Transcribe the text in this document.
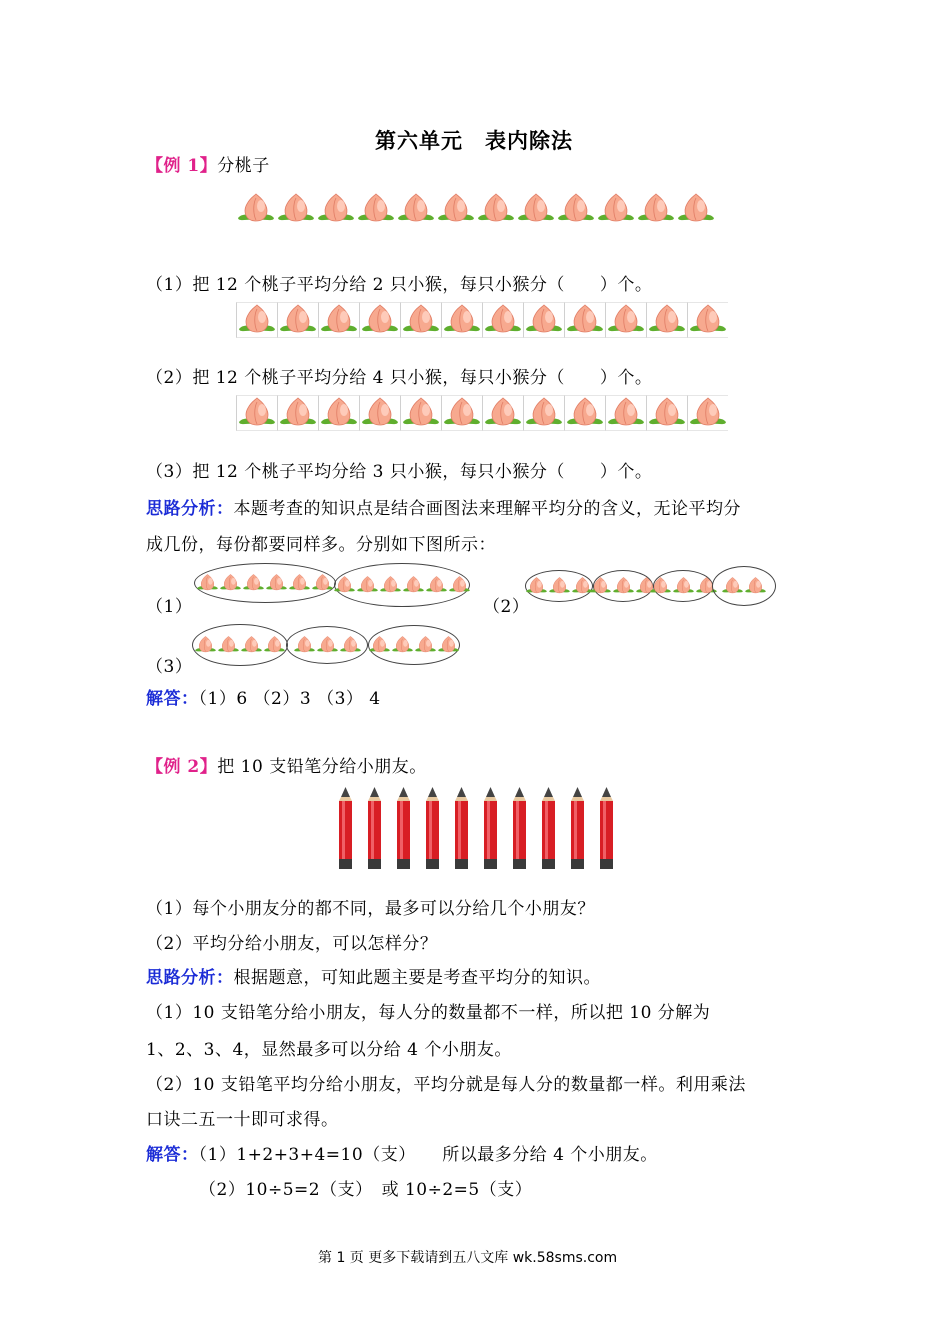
第六单元　表内除法
【例 1】分桃子
（1）把 12 个桃子平均分给 2 只小猴，每只小猴分（　　）个。
（2）把 12 个桃子平均分给 4 只小猴，每只小猴分（　　）个。
（3）把 12 个桃子平均分给 3 只小猴，每只小猴分（　　）个。
思路分析：本题考查的知识点是结合画图法来理解平均分的含义，无论平均分
成几份，每份都要同样多。分别如下图所示：
（1）	（2）
（3）
解答：（1）6 （2）3 （3） 4
【例 2】把 10 支铅笔分给小朋友。
（1）每个小朋友分的都不同，最多可以分给几个小朋友？
（2）平均分给小朋友，可以怎样分？
思路分析：根据题意，可知此题主要是考查平均分的知识。
（1）10 支铅笔分给小朋友，每人分的数量都不一样，所以把 10 分解为
1、2、3、4，显然最多可以分给 4 个小朋友。
（2）10 支铅笔平均分给小朋友，平均分就是每人分的数量都一样。利用乘法
口诀二五一十即可求得。
解答：（1）1+2+3+4=10（支）　　所以最多分给 4 个小朋友。
（2）10÷5=2（支）　或 10÷2=5（支）
第 1 页 更多下载请到五八文库 wk.58sms.com
